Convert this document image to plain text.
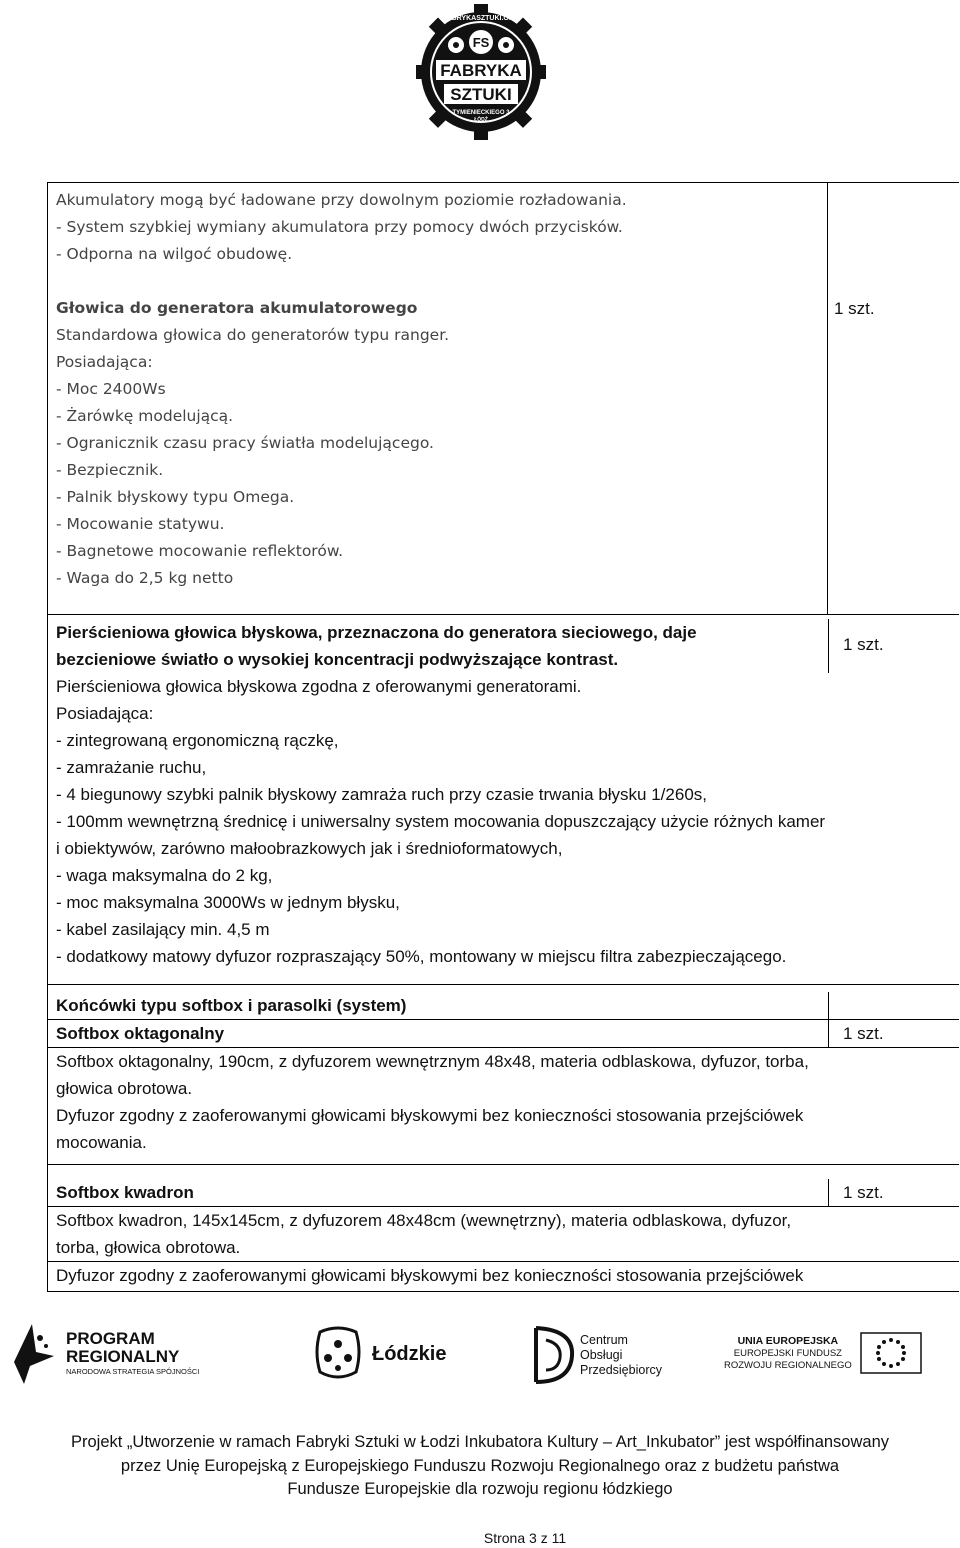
FS
FABRYKASZTUKI.ORG
FABRYKA
SZTUKI
TYMIENIECKIEGO 3
ŁÓDŹ
Akumulatory mogą być ładowane przy dowolnym poziomie rozładowania.
- System szybkiej wymiany akumulatora przy pomocy dwóch przycisków.
- Odporna na wilgoć obudowę.
Głowica do generatora akumulatorowego
Standardowa głowica do generatorów typu ranger.
Posiadająca:
- Moc 2400Ws
- Żarówkę modelującą.
- Ogranicznik czasu pracy światła modelującego.
- Bezpiecznik.
- Palnik błyskowy typu Omega.
- Mocowanie statywu.
- Bagnetowe mocowanie reflektorów.
- Waga do 2,5 kg netto
1 szt.
Pierścieniowa głowica błyskowa, przeznaczona do generatora sieciowego, daje
bezcieniowe światło o wysokiej koncentracji podwyższające kontrast.
1 szt.
Pierścieniowa głowica błyskowa zgodna z oferowanymi generatorami.
Posiadająca:
- zintegrowaną ergonomiczną rączkę,
- zamrażanie ruchu,
- 4 biegunowy szybki palnik błyskowy zamraża ruch przy czasie trwania błysku 1/260s,
- 100mm wewnętrzną średnicę i uniwersalny system mocowania dopuszczający użycie różnych kamer
i obiektywów, zarówno małoobrazkowych jak i średnioformatowych,
- waga maksymalna do 2 kg,
- moc maksymalna 3000Ws w jednym błysku,
- kabel zasilający min. 4,5 m
- dodatkowy matowy dyfuzor rozpraszający 50%, montowany w miejscu filtra zabezpieczającego.
Końcówki typu softbox i parasolki (system)
Softbox oktagonalny	1 szt.
Softbox oktagonalny, 190cm, z dyfuzorem wewnętrznym 48x48, materia odblaskowa, dyfuzor, torba,
głowica obrotowa.
Dyfuzor zgodny z zaoferowanymi głowicami błyskowymi bez konieczności stosowania przejściówek
mocowania.
Softbox kwadron	1 szt.
Softbox kwadron, 145x145cm, z dyfuzorem 48x48cm (wewnętrzny), materia odblaskowa, dyfuzor,
torba, głowica obrotowa.
Dyfuzor zgodny z zaoferowanymi głowicami błyskowymi bez konieczności stosowania przejściówek
PROGRAM
REGIONALNY
NARODOWA STRATEGIA SPÓJNOŚCI
Łódzkie
Centrum
Obsługi
Przedsiębiorcy
UNIA EUROPEJSKA
EUROPEJSKI FUNDUSZ
ROZWOJU REGIONALNEGO
Projekt „Utworzenie w ramach Fabryki Sztuki w Łodzi Inkubatora Kultury – Art_Inkubator” jest współfinansowany
przez Unię Europejską z Europejskiego Funduszu Rozwoju Regionalnego oraz z budżetu państwa
Fundusze Europejskie dla rozwoju regionu łódzkiego
Strona 3 z 11
